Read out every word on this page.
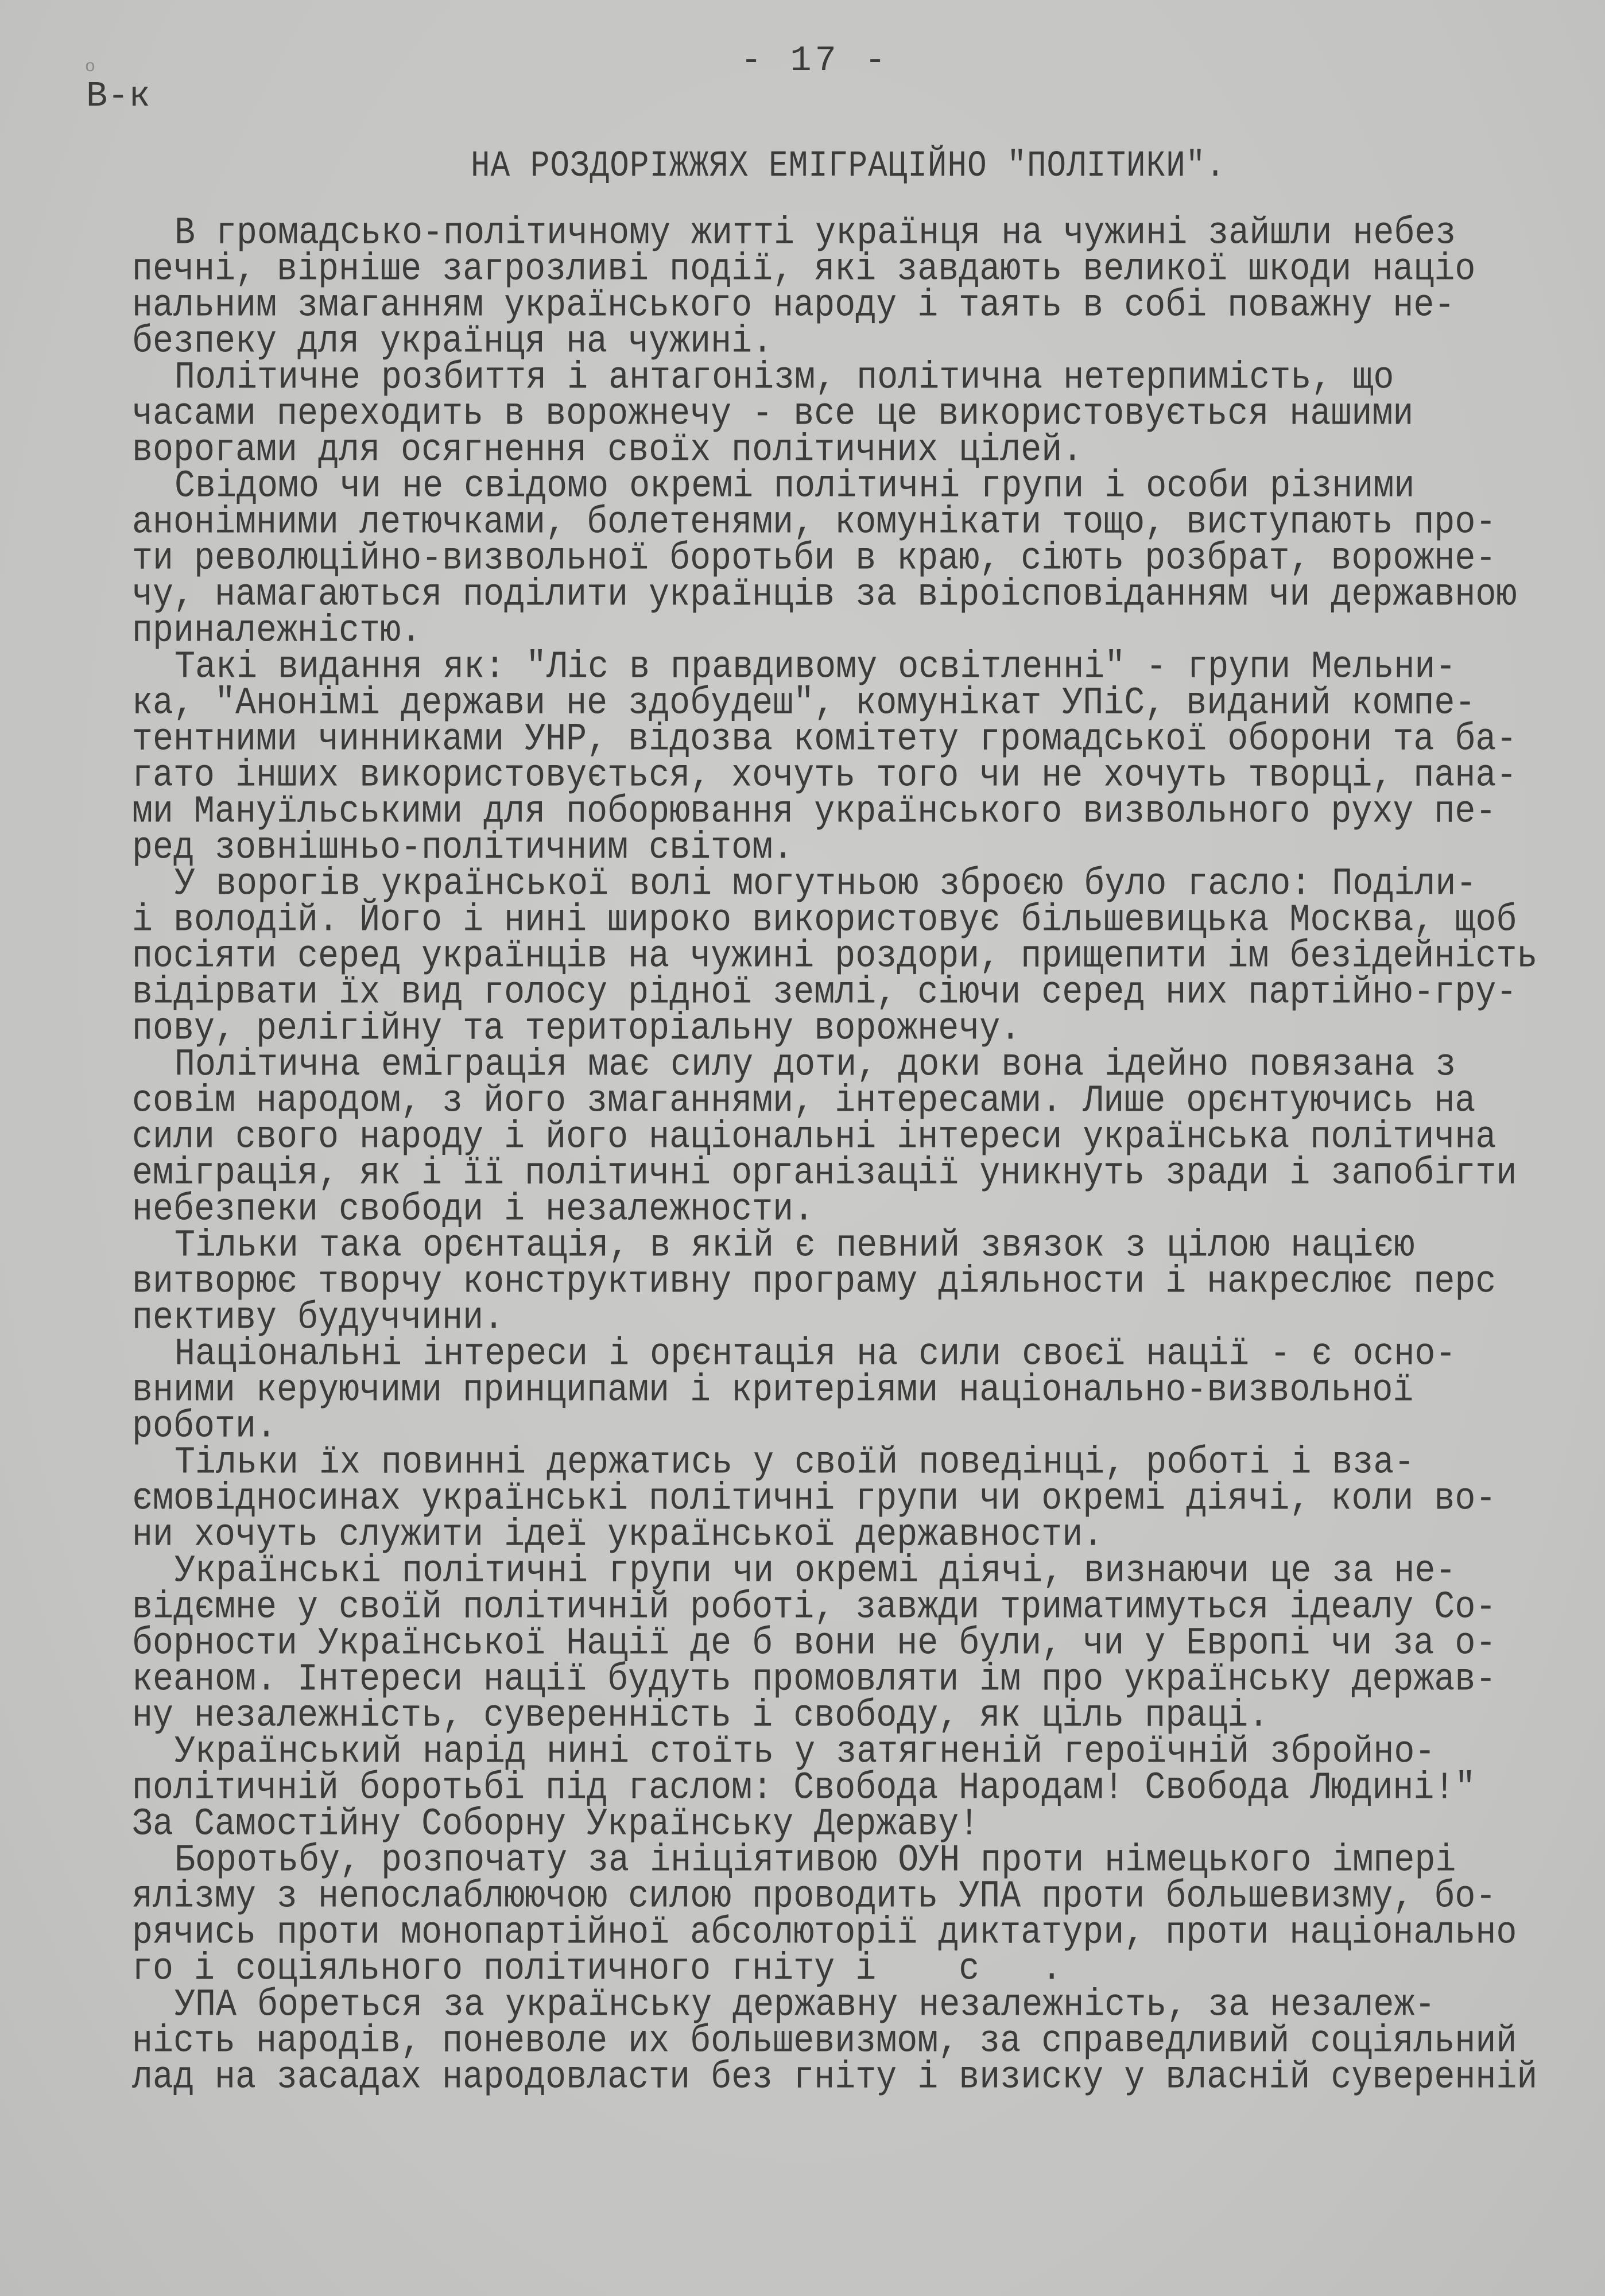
о	- 17 -
В-к
НА РОЗДОРІЖЖЯХ ЕМІГРАЦІЙНО "ПОЛІТИКИ".
В громадсько-політичному житті українця на чужині зайшли небез
печні, вірніше загрозливі події, які завдають великої шкоди націо
нальним змаганням українського народу і таять в собі поважну не-
безпеку для українця на чужині.
Політичне розбиття і антагонізм, політична нетерпимість, що
часами переходить в ворожнечу - все це використовується нашими
ворогами для осягнення своїх політичних цілей.
Свідомо чи не свідомо окремі політичні групи і особи різними
анонімними летючками, болетенями, комунікати тощо, виступають про-
ти революційно-визвольної боротьби в краю, сіють розбрат, ворожне-
чу, намагаються поділити українців за віроісповіданням чи державною
приналежністю.
Такі видання як: "Ліс в правдивому освітленні" - групи Мельни-
ка, "Анонімі держави не здобудеш", комунікат УПіС, виданий компе-
тентними чинниками УНР, відозва комітету громадської оборони та ба-
гато інших використовується, хочуть того чи не хочуть творці, пана-
ми Мануїльськими для поборювання українського визвольного руху пе-
ред зовнішньо-політичним світом.
У ворогів української волі могутньою зброєю було гасло: Поділи-
і володій. Його і нині широко використовує більшевицька Москва, щоб
посіяти серед українців на чужині роздори, прищепити ім безідейність
відірвати їх вид голосу рідної землі, сіючи серед них партійно-гру-
пову, релігійну та територіальну ворожнечу.
Політична еміграція має силу доти, доки вона ідейно повязана з
совім народом, з його змаганнями, інтересами. Лише орєнтуючись на
сили свого народу і його національні інтереси українська політична
еміграція, як і її політичні організації уникнуть зради і запобігти
небезпеки свободи і незалежности.
Тільки така орєнтація, в якій є певний звязок з цілою нацією
витворює творчу конструктивну програму діяльности і накреслює перс
пективу будуччини.
Національні інтереси і орєнтація на сили своєї нації - є осно-
вними керуючими принципами і критеріями національно-визвольної
роботи.
Тільки їх повинні держатись у своїй поведінці, роботі і вза-
ємовідносинах українські політичні групи чи окремі діячі, коли во-
ни хочуть служити ідеї української державности.
Українські політичні групи чи окремі діячі, визнаючи це за не-
відємне у своїй політичній роботі, завжди триматимуться ідеалу Со-
борности Української Нації де б вони не були, чи у Европі чи за о-
кеаном. Інтереси нації будуть промовляти ім про українську держав-
ну незалежність, суверенність і свободу, як ціль праці.
Український нарід нині стоїть у затягненій героїчній збройно-
політичній боротьбі під гаслом: Свобода Народам! Свобода Людині!"
За Самостійну Соборну Українську Державу!
Боротьбу, розпочату за ініціятивою ОУН проти німецького імперi
ялізму з непослаблюючою силою проводить УПА проти большевизму, бо-
рячись проти монопартійної абсолюторії диктатури, проти національно
го і соціяльного політичного гніту і    с   .
УПА бореться за українську державну незалежність, за незалеж-
ність народів, поневоле их большевизмом, за справедливий соціяльний
лад на засадах народовласти без гніту і визиску у власній суверенній
